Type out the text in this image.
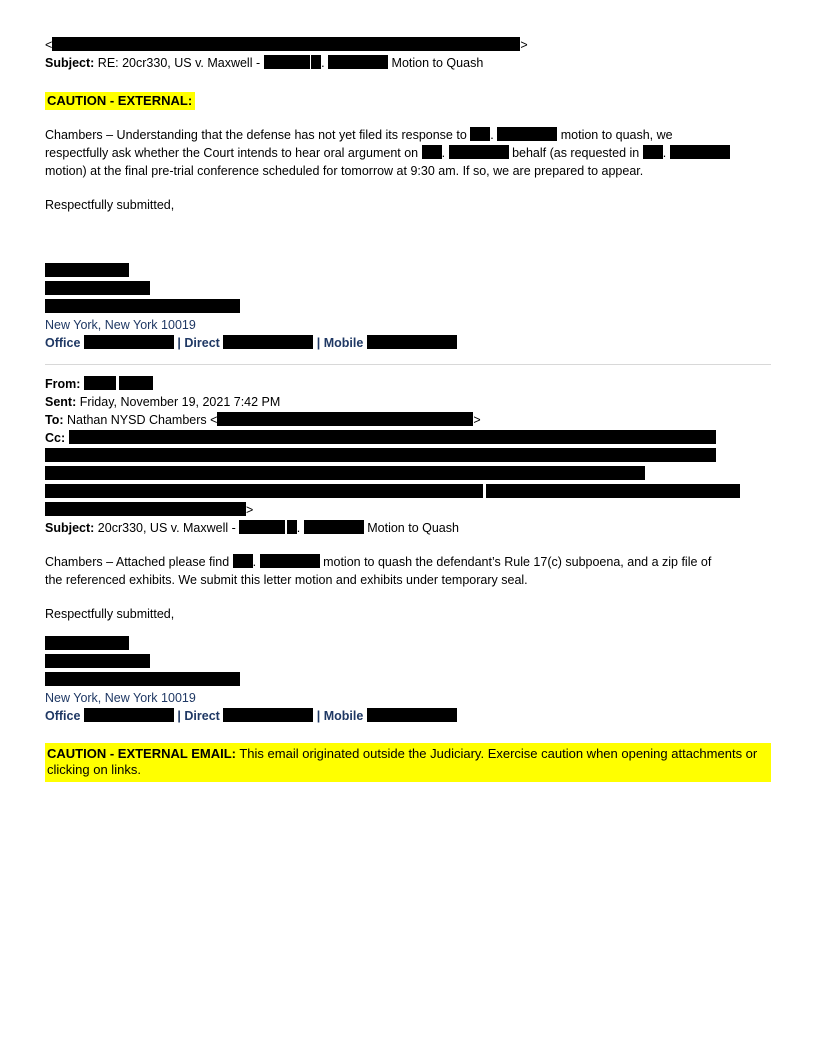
<	>
Subject: RE: 20cr330, US v. Maxwell -	.	Motion to Quash
CAUTION - EXTERNAL:
Chambers – Understanding that the defense has not yet filed its response to .	motion to quash, we
respectfully ask whether the Court intends to hear oral argument on .	behalf (as requested in .
motion) at the final pre-trial conference scheduled for tomorrow at 9:30 am. If so, we are prepared to appear.
Respectfully submitted,
New York, New York 10019
Office	| Direct	| Mobile
From:
Sent: Friday, November 19, 2021 7:42 PM
To: Nathan NYSD Chambers <	>
Cc:

>
Subject: 20cr330, US v. Maxwell -	.	Motion to Quash
Chambers – Attached please find .	motion to quash the defendant’s Rule 17(c) subpoena, and a zip file of
the referenced exhibits. We submit this letter motion and exhibits under temporary seal.
Respectfully submitted,
New York, New York 10019
Office	| Direct	| Mobile
CAUTION - EXTERNAL EMAIL: This email originated outside the Judiciary. Exercise caution when opening attachments or clicking on links.
